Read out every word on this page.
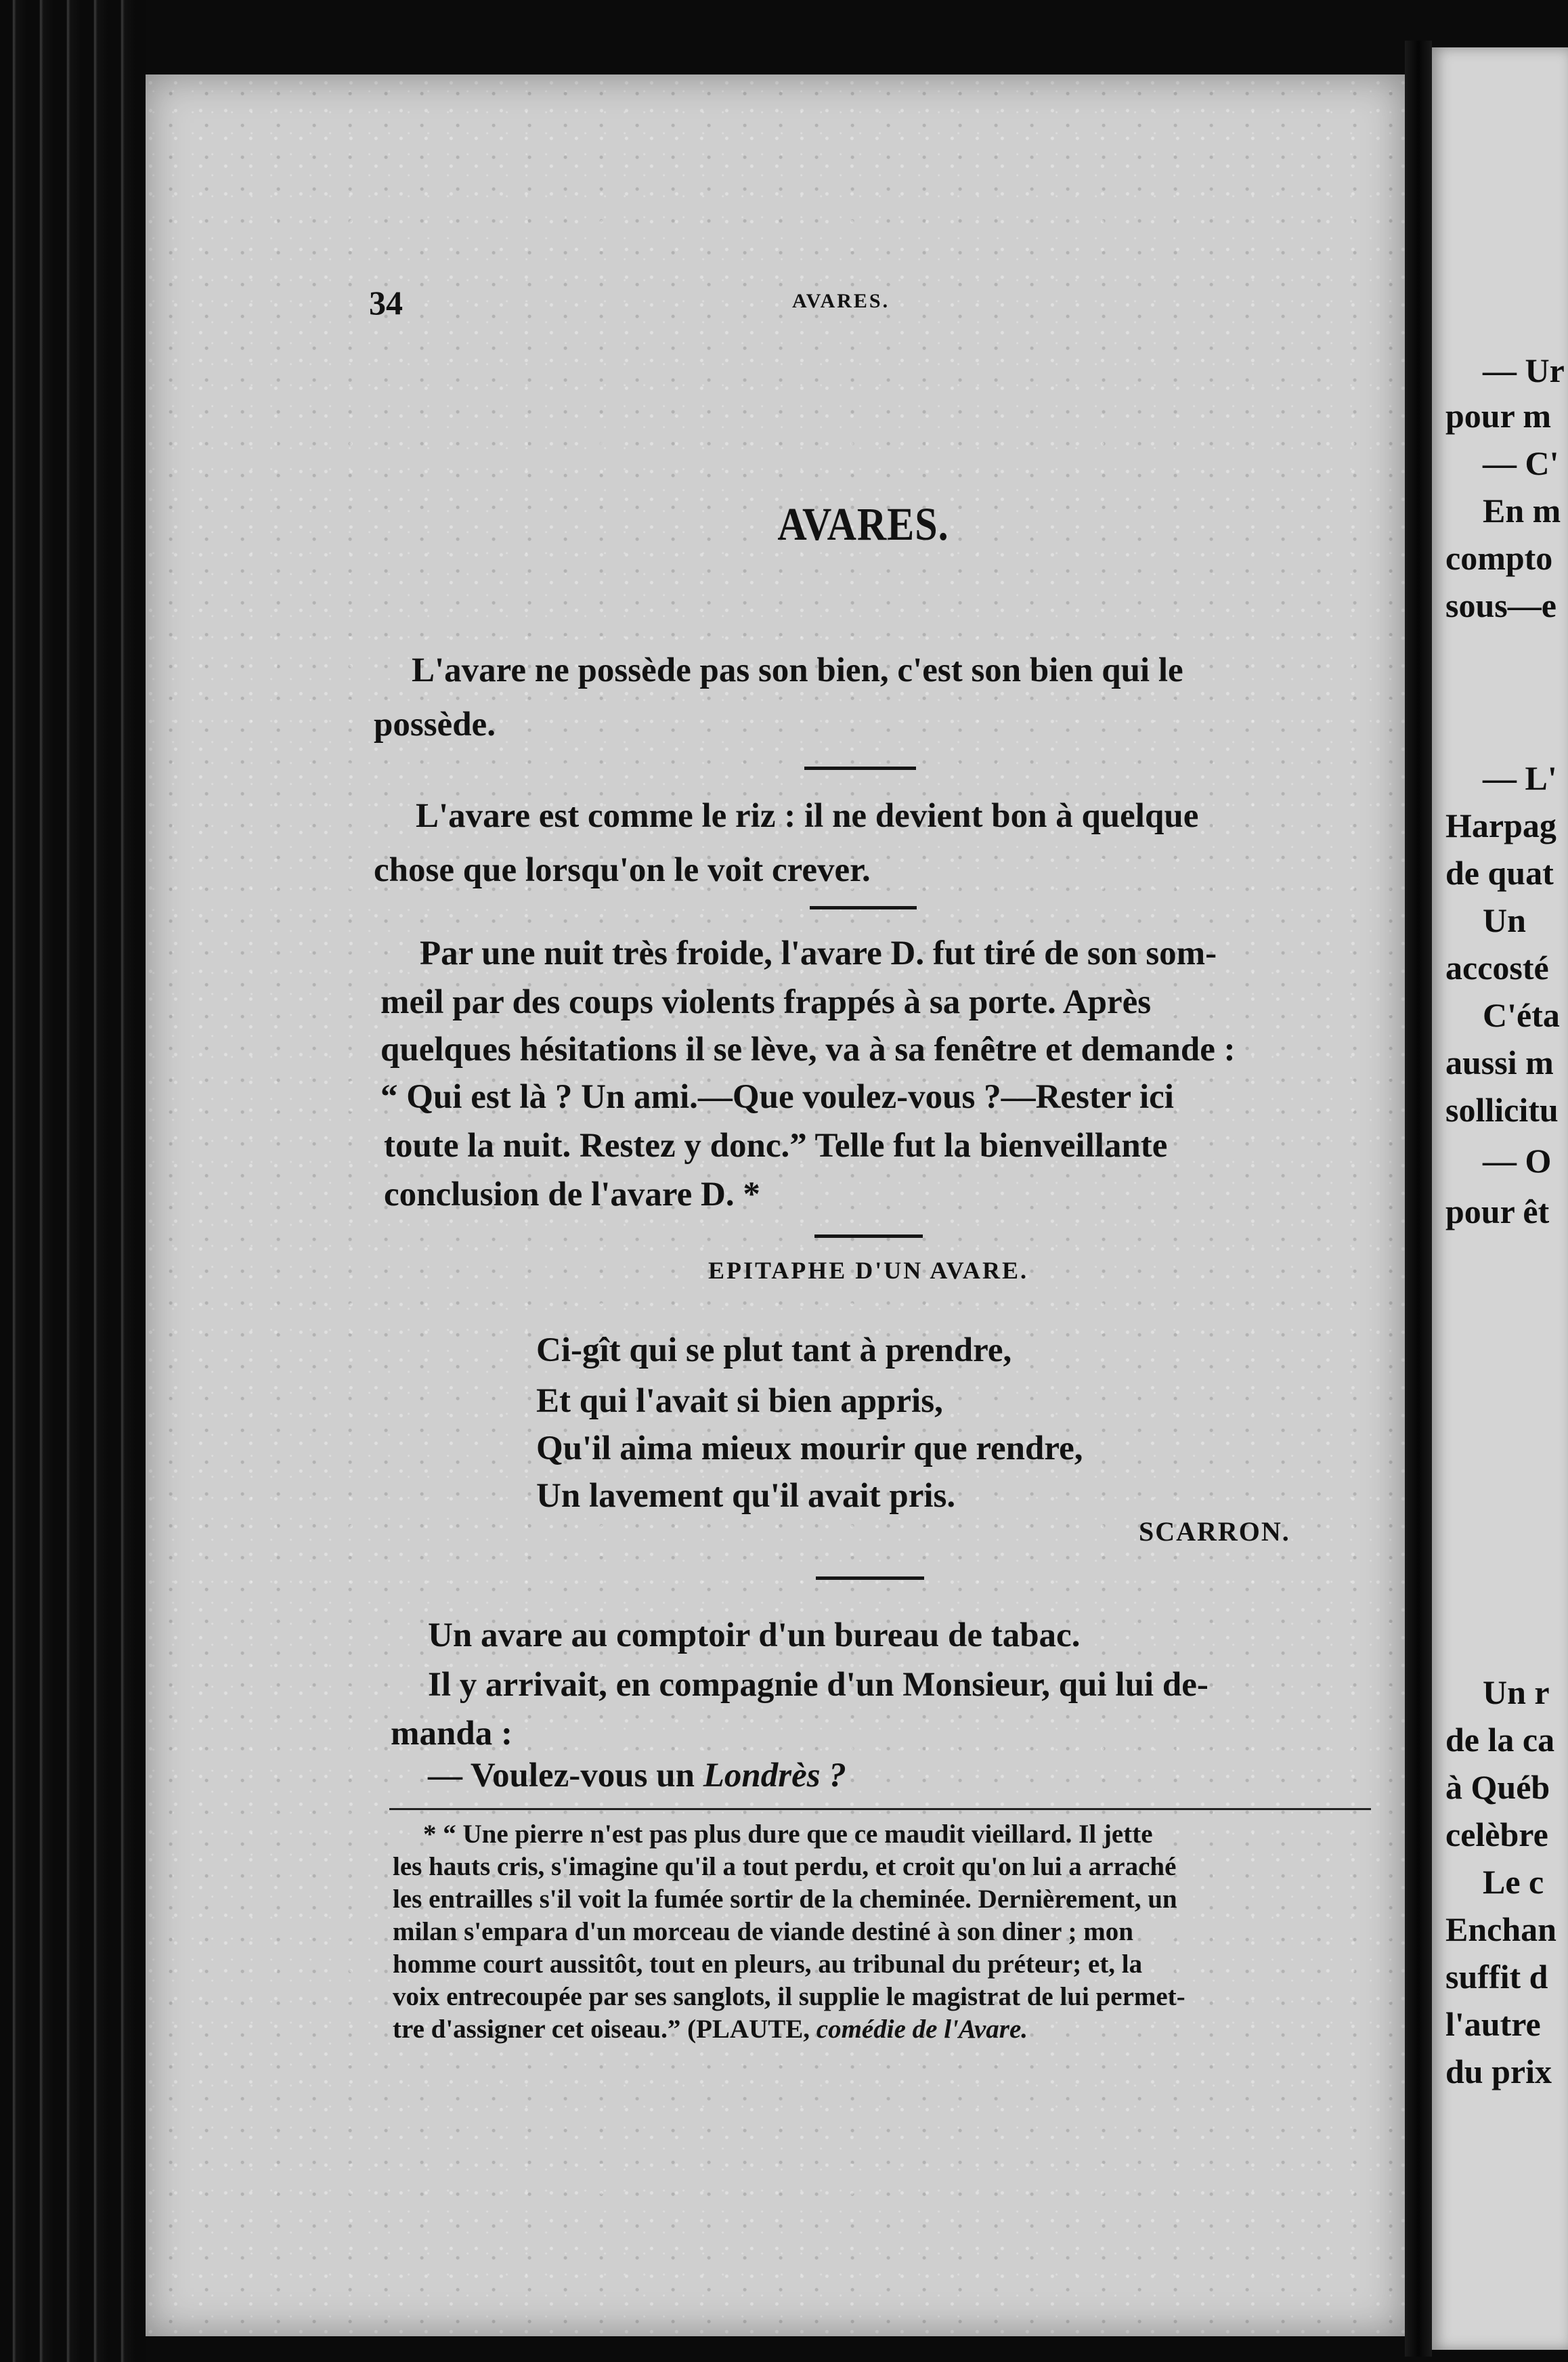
34	AVARES.
AVARES.
L'avare ne possède pas son bien, c'est son bien qui le
possède.
L'avare est comme le riz : il ne devient bon à quelque
chose que lorsqu'on le voit crever.
Par une nuit très froide, l'avare D. fut tiré de son som-
meil par des coups violents frappés à sa porte. Après
quelques hésitations il se lève, va à sa fenêtre et demande :
“ Qui est là ? Un ami.—Que voulez-vous ?—Rester ici
toute la nuit. Restez y donc.” Telle fut la bienveillante
conclusion de l'avare D. *
EPITAPHE D'UN AVARE.
Ci-gît qui se plut tant à prendre,
Et qui l'avait si bien appris,
Qu'il aima mieux mourir que rendre,
Un lavement qu'il avait pris.
SCARRON.
Un avare au comptoir d'un bureau de tabac.
Il y arrivait, en compagnie d'un Monsieur, qui lui de-
manda :
— Voulez-vous un Londrès ?
* “ Une pierre n'est pas plus dure que ce maudit vieillard. Il jette
les hauts cris, s'imagine qu'il a tout perdu, et croit qu'on lui a arraché
les entrailles s'il voit la fumée sortir de la cheminée. Dernièrement, un
milan s'empara d'un morceau de viande destiné à son diner ; mon
homme court aussitôt, tout en pleurs, au tribunal du préteur; et, la
voix entrecoupée par ses sanglots, il supplie le magistrat de lui permet-
tre d'assigner cet oiseau.” (PLAUTE, comédie de l'Avare.
— Ur
pour m
— C'
En m
compto
sous—e
— L'
Harpag
de quat
Un
accosté
C'éta
aussi m
sollicitu
— O
pour êt
Un r
de la ca
à Québ
celèbre
Le c
Enchan
suffit d
l'autre
du prix
